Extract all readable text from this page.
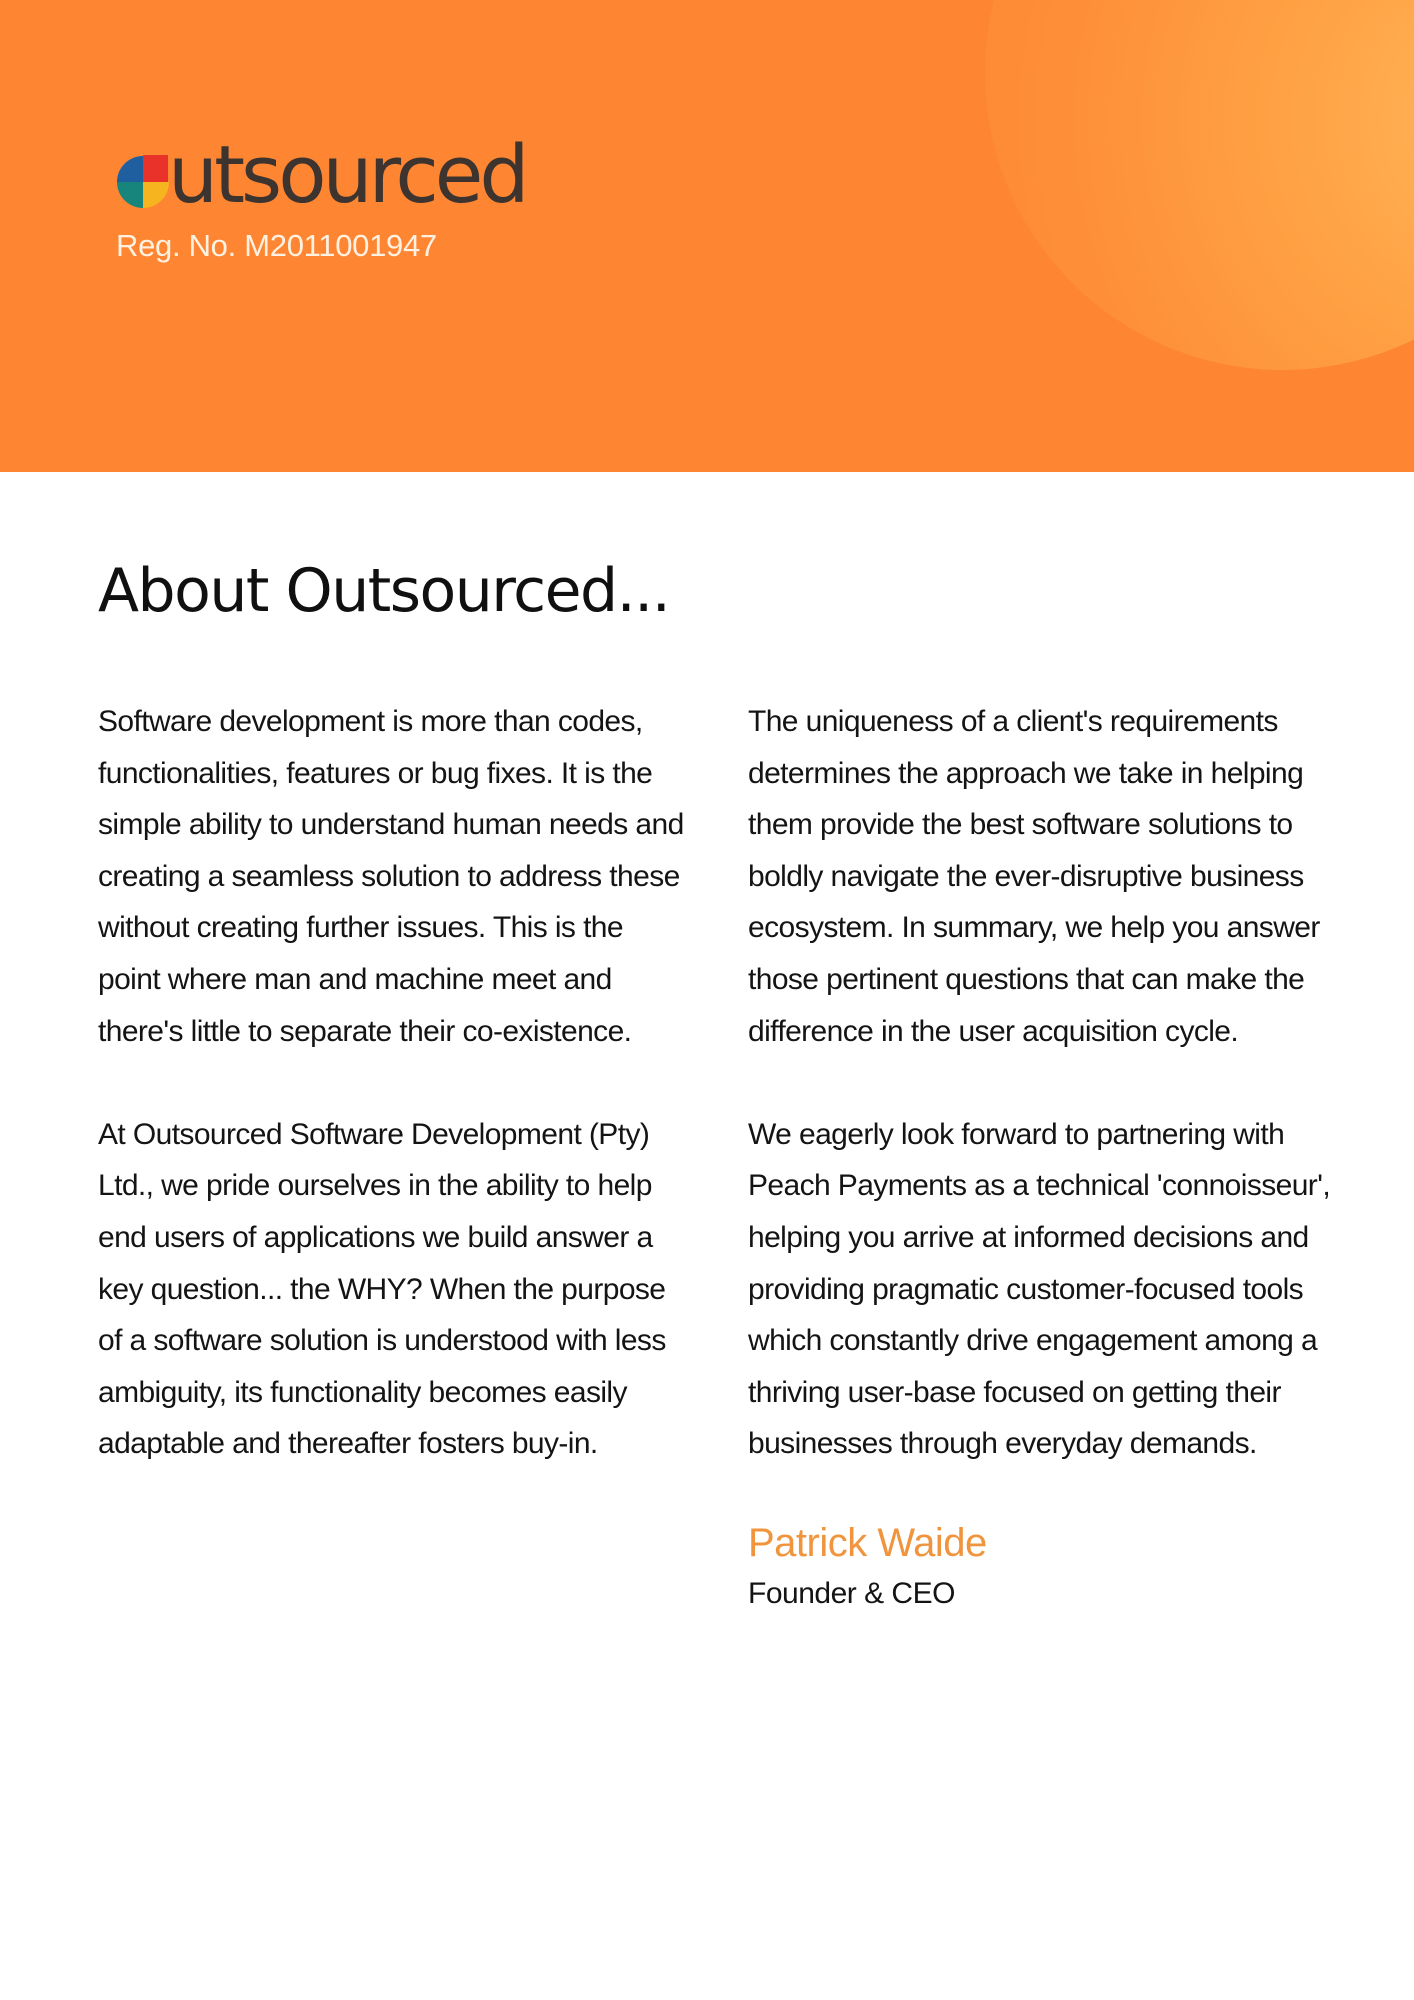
utsourced
Reg. No. M2011001947
About Outsourced...

Software development is more than codes, functionalities, features or bug fixes. It is the simple ability to understand human needs and creating a seamless solution to address these without creating further issues. This is the point where man and machine meet and there's little to separate their co-existence.

At Outsourced Software Development (Pty) Ltd., we pride ourselves in the ability to help end users of applications we build answer a key question... the WHY? When the purpose of a software solution is understood with less ambiguity, its functionality becomes easily adaptable and thereafter fosters buy-in.

The uniqueness of a client's requirements determines the approach we take in helping them provide the best software solutions to boldly navigate the ever-disruptive business ecosystem. In summary, we help you answer those pertinent questions that can make the difference in the user acquisition cycle.

We eagerly look forward to partnering with Peach Payments as a technical 'connoisseur', helping you arrive at informed decisions and providing pragmatic customer-focused tools which constantly drive engagement among a thriving user-base focused on getting their businesses through everyday demands.

Patrick Waide
Founder & CEO
